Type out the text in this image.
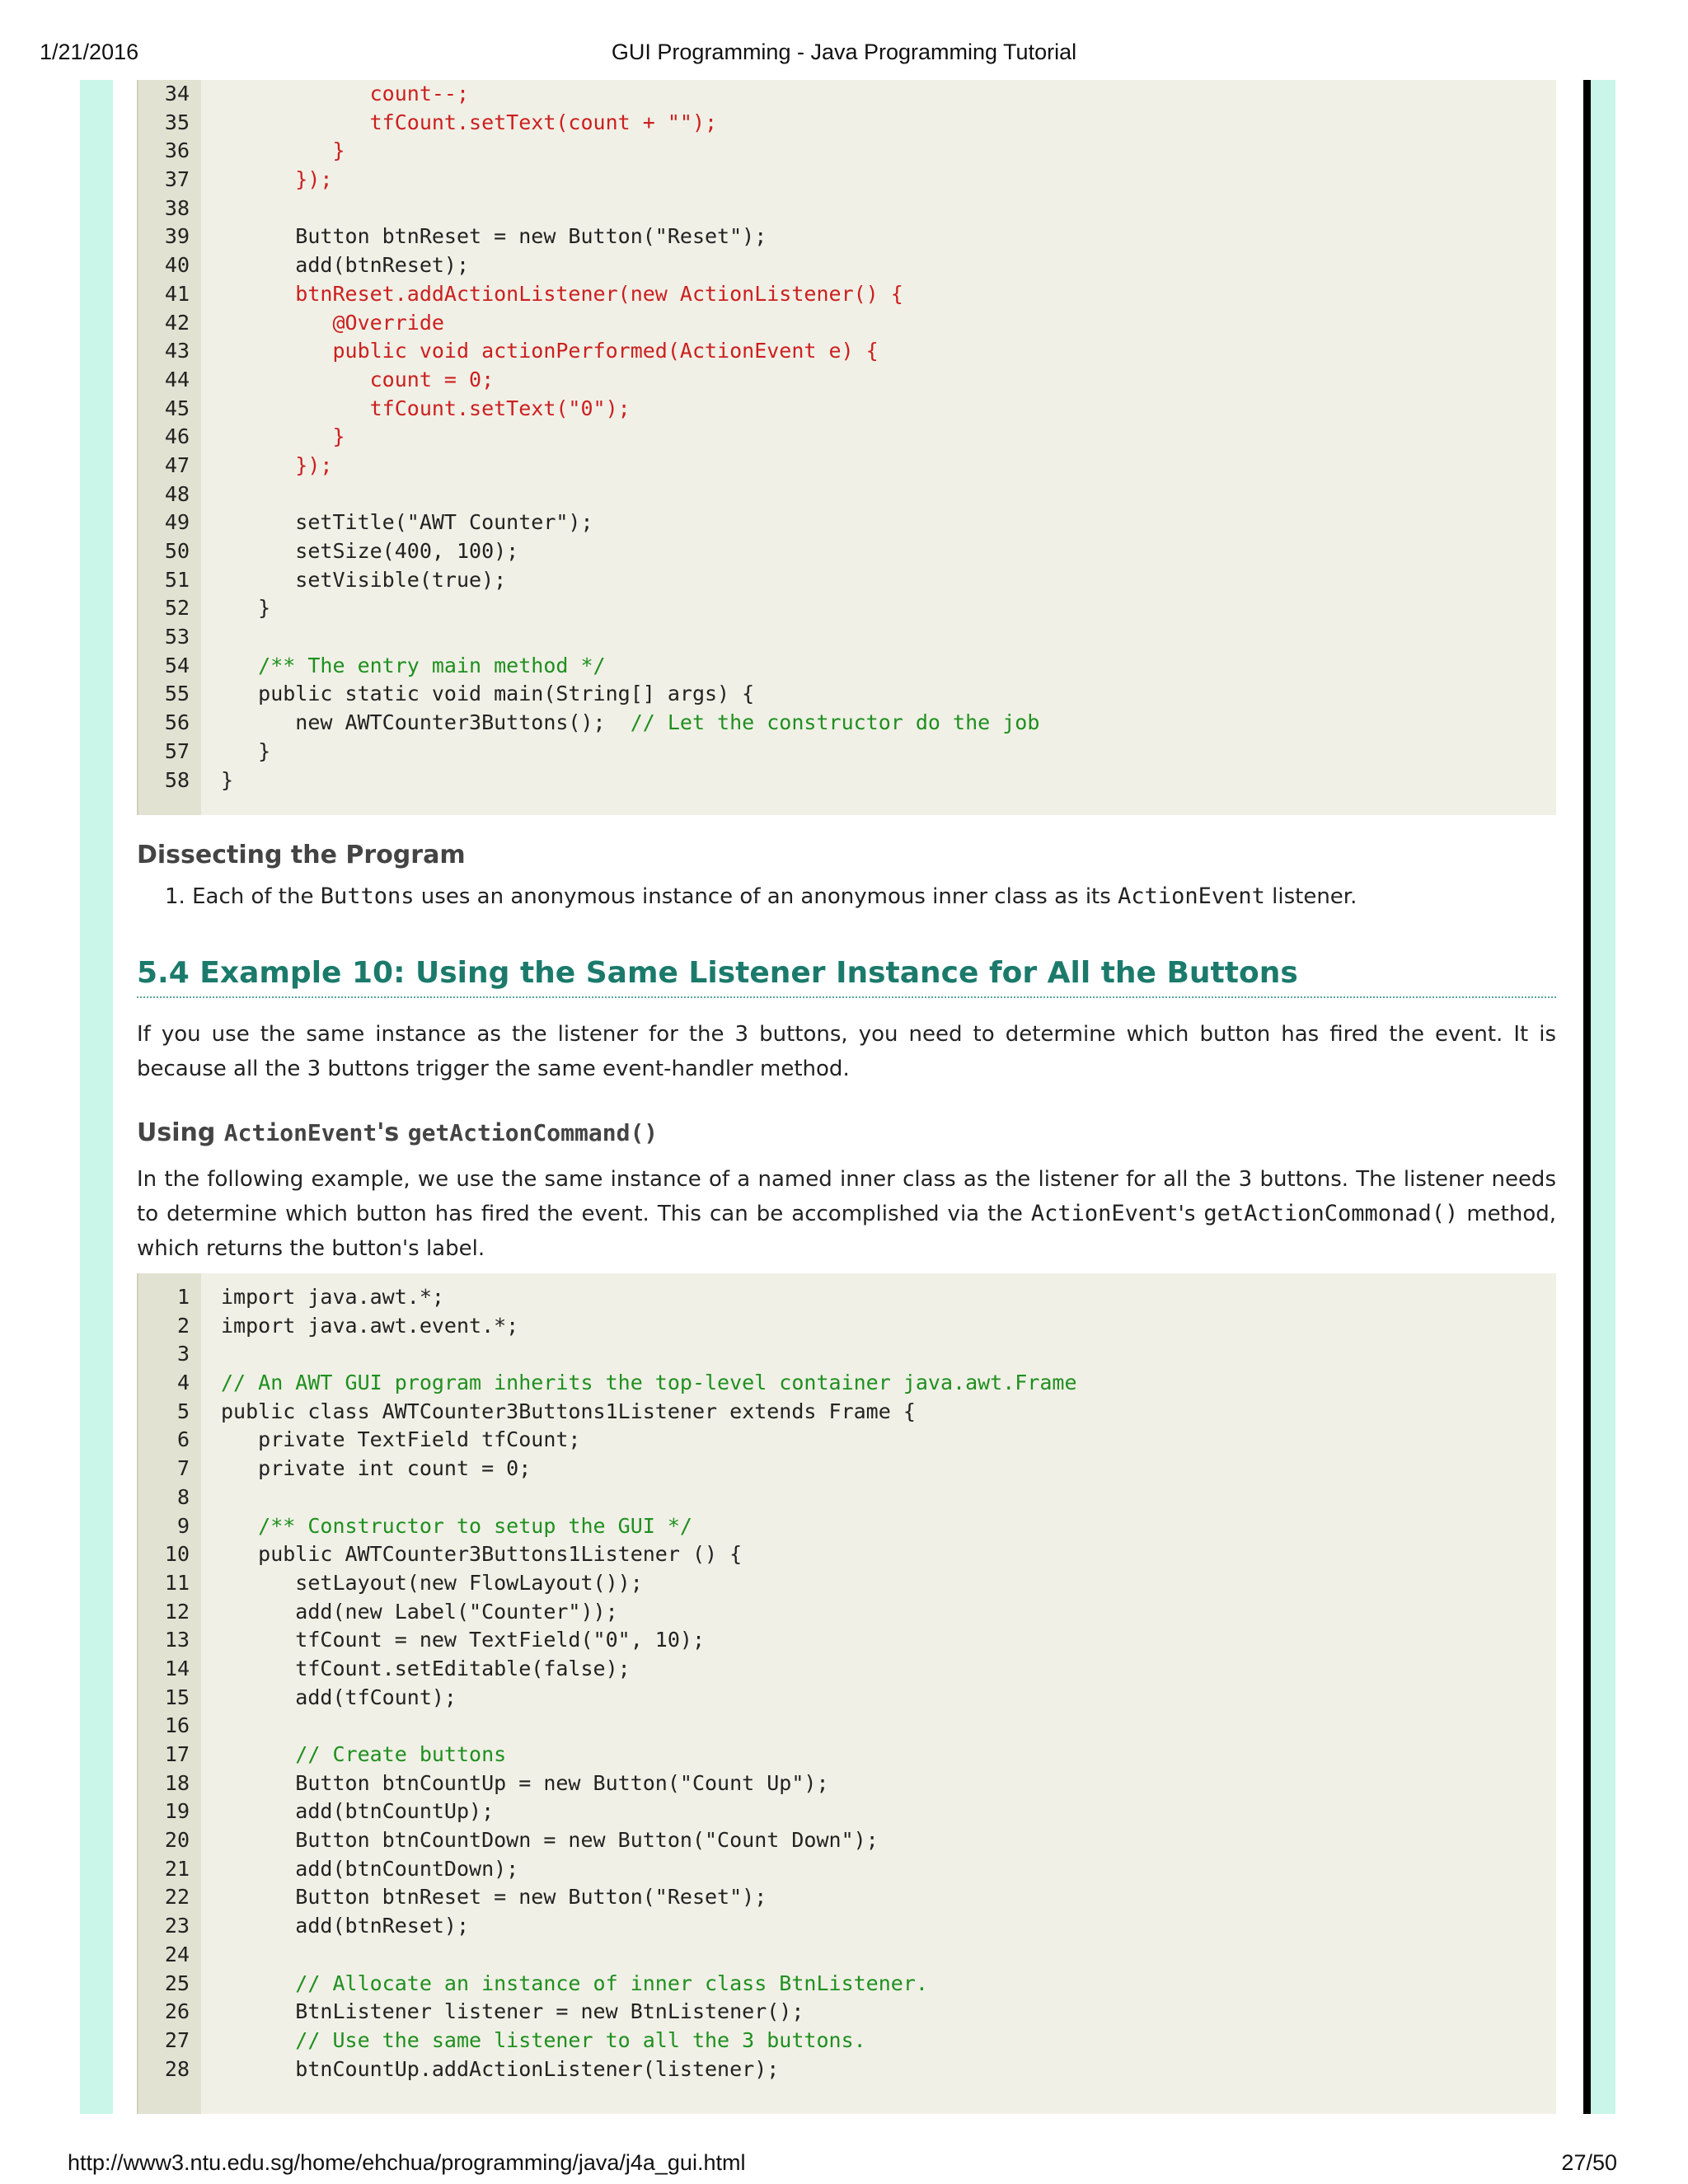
1/21/2016	GUI Programming - Java Programming Tutorial
34
35
36
37
38
39
40
41
42
43
44
45
46
47
48
49
50
51
52
53
54
55
56
57
58
count--;
tfCount.setText(count + "");
}
});
Button btnReset = new Button("Reset");
add(btnReset);
btnReset.addActionListener(new ActionListener() {
@Override
public void actionPerformed(ActionEvent e) {
count = 0;
tfCount.setText("0");
}
});
setTitle("AWT Counter");
setSize(400, 100);
setVisible(true);
}
/** The entry main method */
public static void main(String[] args) {
new AWTCounter3Buttons();  // Let the constructor do the job
}
}
Dissecting the Program
1. Each of the Buttons uses an anonymous instance of an anonymous inner class as its ActionEvent listener.
5.4 Example 10: Using the Same Listener Instance for All the Buttons
If you use the same instance as the listener for the 3 buttons, you need to determine which button has fired the event. It is because all the 3 buttons trigger the same event-handler method.
Using ActionEvent's getActionCommand()
In the following example, we use the same instance of a named inner class as the listener for all the 3 buttons. The listener needs to determine which button has fired the event. This can be accomplished via the ActionEvent's getActionCommonad() method, which returns the button's label.
1
2
3
4
5
6
7
8
9
10
11
12
13
14
15
16
17
18
19
20
21
22
23
24
25
26
27
28
import java.awt.*;
import java.awt.event.*;
// An AWT GUI program inherits the top-level container java.awt.Frame
public class AWTCounter3Buttons1Listener extends Frame {
private TextField tfCount;
private int count = 0;
/** Constructor to setup the GUI */
public AWTCounter3Buttons1Listener () {
setLayout(new FlowLayout());
add(new Label("Counter"));
tfCount = new TextField("0", 10);
tfCount.setEditable(false);
add(tfCount);
// Create buttons
Button btnCountUp = new Button("Count Up");
add(btnCountUp);
Button btnCountDown = new Button("Count Down");
add(btnCountDown);
Button btnReset = new Button("Reset");
add(btnReset);
// Allocate an instance of inner class BtnListener.
BtnListener listener = new BtnListener();
// Use the same listener to all the 3 buttons.
btnCountUp.addActionListener(listener);
http://www3.ntu.edu.sg/home/ehchua/programming/java/j4a_gui.html	27/50
